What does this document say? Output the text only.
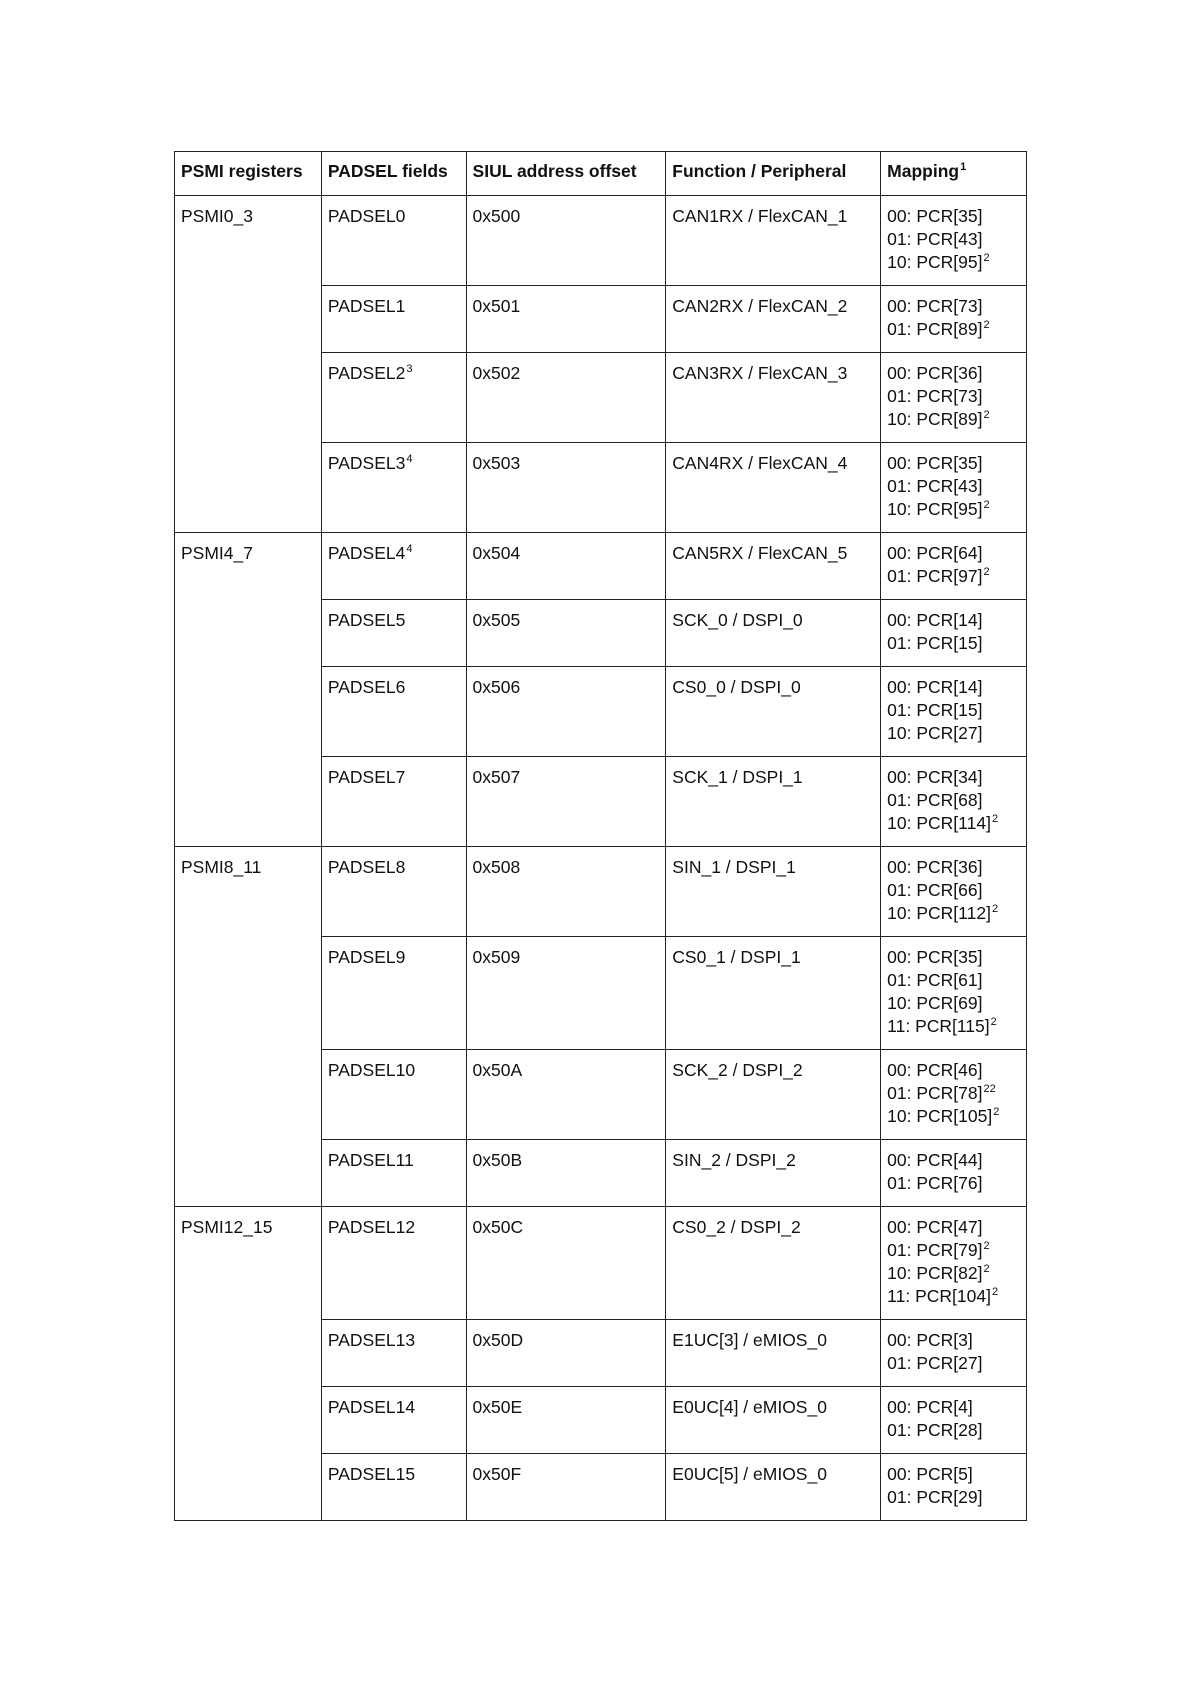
PSMI registers	PADSEL fields	SIUL address offset	Function / Peripheral	Mapping$^1$
PSMI0_3	PADSEL0	0x500	CAN1RX / FlexCAN_1	00: PCR[35]
01: PCR[43]
10: $PCR[95]^2$

	PADSEL1	0x501	CAN2RX / FlexCAN_2	00: PCR[73]
01: $PCR[89]^2$

	$PADSEL2^3$	0x502	CAN3RX / FlexCAN_3	00: PCR[36]
01: PCR[73]
10: $PCR[89]^2$

	$PADSEL3^4$	0x503	CAN4RX / FlexCAN_4	00: PCR[35]
01: PCR[43]
10: $PCR[95]^2$

PSMI4_7	$PADSEL4^4$	0x504	CAN5RX / FlexCAN_5	00: PCR[64]
01: $PCR[97]^2$

	PADSEL5	0x505	SCK_0 / DSPI_0	00: PCR[14]
01: PCR[15]

	PADSEL6	0x506	CS0_0 / DSPI_0	00: PCR[14]
01: PCR[15]
10: PCR[27]

	PADSEL7	0x507	SCK_1 / DSPI_1	00: PCR[34]
01: PCR[68]
10: $PCR[114]^2$

PSMI8_11	PADSEL8	0x508	SIN_1 / DSPI_1	00: PCR[36]
01: PCR[66]
10: $PCR[112]^2$

	PADSEL9	0x509	CS0_1 / DSPI_1	00: PCR[35]
01: PCR[61]
10: PCR[69]
11: $PCR[115]^2$

	PADSEL10	0x50A	SCK_2 / DSPI_2	00: PCR[46]
01: $PCR[78]^{22}$
10: $PCR[105]^2$

	PADSEL11	0x50B	SIN_2 / DSPI_2	00: PCR[44]
01: PCR[76]

PSMI12_15	PADSEL12	0x50C	CS0_2 / DSPI_2	00: PCR[47]
01: $PCR[79]^2$
10: $PCR[82]^2$
11: $PCR[104]^2$

	PADSEL13	0x50D	E1UC[3] / eMIOS_0	00: PCR[3]
01: PCR[27]

	PADSEL14	0x50E	E0UC[4] / eMIOS_0	00: PCR[4]
01: PCR[28]

	PADSEL15	0x50F	E0UC[5] / eMIOS_0	00: PCR[5]
01: PCR[29]
